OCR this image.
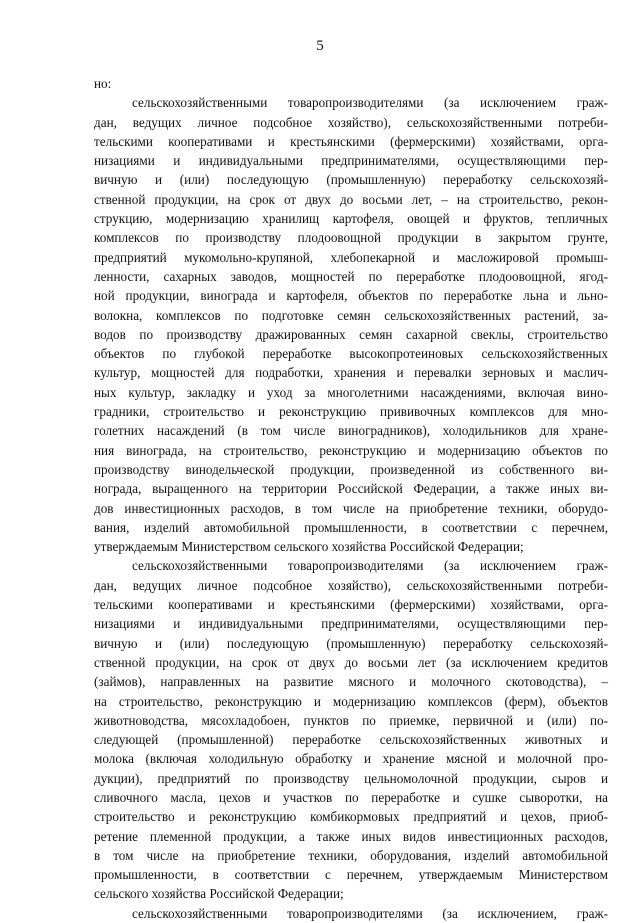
5
но:
сельскохозяйственными товаропроизводителями (за исключением граж-
дан, ведущих личное подсобное хозяйство), сельскохозяйственными потреби-
тельскими кооперативами и крестьянскими (фермерскими) хозяйствами, орга-
низациями и индивидуальными предпринимателями, осуществляющими пер-
вичную и (или) последующую (промышленную) переработку сельскохозяй-
ственной продукции, на срок от двух до восьми лет, – на строительство, рекон-
струкцию, модернизацию хранилищ картофеля, овощей и фруктов, тепличных
комплексов по производству плодоовощной продукции в закрытом грунте,
предприятий мукомольно-крупяной, хлебопекарной и масложировой промыш-
ленности, сахарных заводов, мощностей по переработке плодоовощной, ягод-
ной продукции, винограда и картофеля, объектов по переработке льна и льно-
волокна, комплексов по подготовке семян сельскохозяйственных растений, за-
водов по производству дражированных семян сахарной свеклы, строительство
объектов по глубокой переработке высокопротеиновых сельскохозяйственных
культур, мощностей для подработки, хранения и перевалки зерновых и маслич-
ных культур, закладку и уход за многолетними насаждениями, включая вино-
градники, строительство и реконструкцию прививочных комплексов для мно-
голетних насаждений (в том числе виноградников), холодильников для хране-
ния винограда, на строительство, реконструкцию и модернизацию объектов по
производству винодельческой продукции, произведенной из собственного ви-
нограда, выращенного на территории Российской Федерации, а также иных ви-
дов инвестиционных расходов, в том числе на приобретение техники, оборудо-
вания, изделий автомобильной промышленности, в соответствии с перечнем,
утверждаемым Министерством сельского хозяйства Российской Федерации;
сельскохозяйственными товаропроизводителями (за исключением граж-
дан, ведущих личное подсобное хозяйство), сельскохозяйственными потреби-
тельскими кооперативами и крестьянскими (фермерскими) хозяйствами, орга-
низациями и индивидуальными предпринимателями, осуществляющими пер-
вичную и (или) последующую (промышленную) переработку сельскохозяй-
ственной продукции, на срок от двух до восьми лет (за исключением кредитов
(займов), направленных на развитие мясного и молочного скотоводства), –
на строительство, реконструкцию и модернизацию комплексов (ферм), объектов
животноводства, мясохладобоен, пунктов по приемке, первичной и (или) по-
следующей (промышленной) переработке сельскохозяйственных животных и
молока (включая холодильную обработку и хранение мясной и молочной про-
дукции), предприятий по производству цельномолочной продукции, сыров и
сливочного масла, цехов и участков по переработке и сушке сыворотки, на
строительство и реконструкцию комбикормовых предприятий и цехов, приоб-
ретение племенной продукции, а также иных видов инвестиционных расходов,
в том числе на приобретение техники, оборудования, изделий автомобильной
промышленности, в соответствии с перечнем, утверждаемым Министерством
сельского хозяйства Российской Федерации;
сельскохозяйственными товаропроизводителями (за исключением, граж-
